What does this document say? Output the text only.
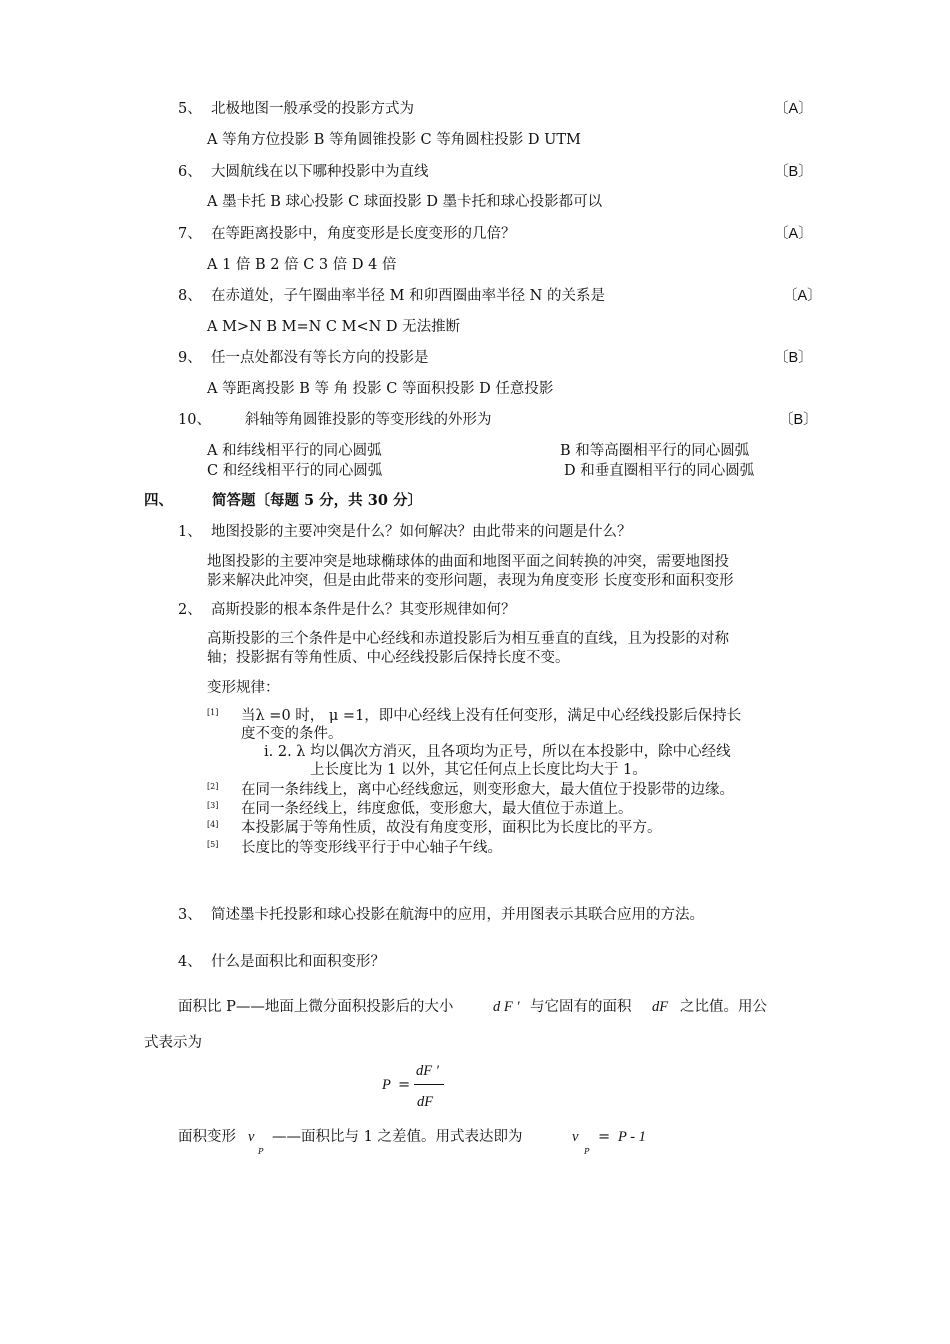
5、 北极地图一般承受的投影方式为	〔A〕
A 等角方位投影 B 等角圆锥投影 C 等角圆柱投影 D UTM
6、 大圆航线在以下哪种投影中为直线	〔B〕
A 墨卡托 B 球心投影 C 球面投影 D 墨卡托和球心投影都可以
7、 在等距离投影中，角度变形是长度变形的几倍？	〔A〕
A 1 倍 B 2 倍 C 3 倍 D 4 倍
8、 在赤道处，子午圈曲率半径 M 和卯酉圈曲率半径 N 的关系是	〔A〕
A M>N B M=N C M<N D 无法推断
9、 任一点处都没有等长方向的投影是	〔B〕
A 等距离投影 B 等 角 投影 C 等面积投影 D 任意投影
10、 斜轴等角圆锥投影的等变形线的外形为	〔B〕
A 和纬线相平行的同心圆弧	B 和等高圈相平行的同心圆弧
C 和经线相平行的同心圆弧	D 和垂直圈相平行的同心圆弧
四、	简答题〔每题 5 分，共 30 分〕
1、 地图投影的主要冲突是什么？如何解决？由此带来的问题是什么？
地图投影的主要冲突是地球椭球体的曲面和地图平面之间转换的冲突，需要地图投
影来解决此冲突，但是由此带来的变形问题，表现为角度变形 长度变形和面积变形
2、 高斯投影的根本条件是什么？其变形规律如何？
高斯投影的三个条件是中心经线和赤道投影后为相互垂直的直线，且为投影的对称
轴；投影据有等角性质、中心经线投影后保持长度不变。
变形规律：
[1] 当λ =0 时， μ =1，即中心经线上没有任何变形，满足中心经线投影后保持长
度不变的条件。
i. 2. λ 均以偶次方消灭，且各项均为正号，所以在本投影中，除中心经线
上长度比为 1 以外，其它任何点上长度比均大于 1。
[2] 在同一条纬线上，离中心经线愈远，则变形愈大，最大值位于投影带的边缘。
[3] 在同一条经线上，纬度愈低，变形愈大，最大值位于赤道上。
[4] 本投影属于等角性质，故没有角度变形，面积比为长度比的平方。
[5] 长度比的等变形线平行于中心轴子午线。
3、 简述墨卡托投影和球心投影在航海中的应用，并用图表示其联合应用的方法。
4、 什么是面积比和面积变形？
面积比 P——地面上微分面积投影后的大小	d F ′ 与它固有的面积 dF 之比值。用公
式表示为
P =
dF ′
dF
面积变形 v
P
——面积比与 1 之差值。用式表达即为	v
P
= P - 1
